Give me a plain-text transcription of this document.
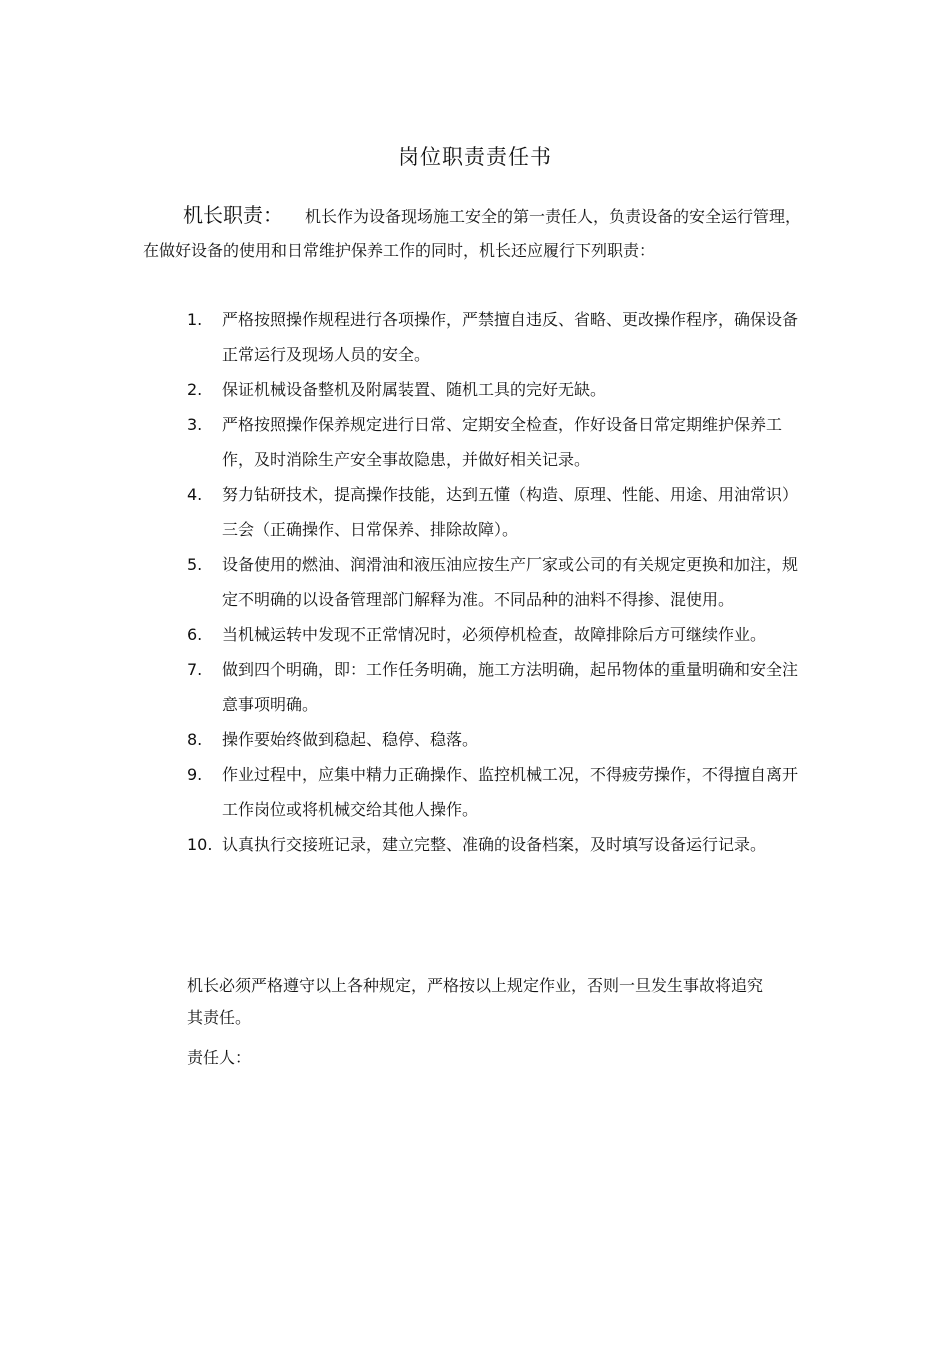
岗位职责责任书

机长职责： 机长作为设备现场施工安全的第一责任人，负责设备的安全运行管理，在做好设备的使用和日常维护保养工作的同时，机长还应履行下列职责：

1.	严格按照操作规程进行各项操作，严禁擅自违反、省略、更改操作程序，确保设备正常运行及现场人员的安全。
2.	保证机械设备整机及附属装置、随机工具的完好无缺。
3.	严格按照操作保养规定进行日常、定期安全检查，作好设备日常定期维护保养工作，及时消除生产安全事故隐患，并做好相关记录。
4.	努力钻研技术，提高操作技能，达到五懂（构造、原理、性能、用途、用油常识）三会（正确操作、日常保养、排除故障）。
5.	设备使用的燃油、润滑油和液压油应按生产厂家或公司的有关规定更换和加注，规定不明确的以设备管理部门解释为准。不同品种的油料不得掺、混使用。
6.	当机械运转中发现不正常情况时，必须停机检查，故障排除后方可继续作业。
7.	做到四个明确，即：工作任务明确，施工方法明确，起吊物体的重量明确和安全注意事项明确。
8.	操作要始终做到稳起、稳停、稳落。
9.	作业过程中，应集中精力正确操作、监控机械工况，不得疲劳操作，不得擅自离开工作岗位或将机械交给其他人操作。
10. 认真执行交接班记录，建立完整、准确的设备档案，及时填写设备运行记录。

机长必须严格遵守以上各种规定，严格按以上规定作业，否则一旦发生事故将追究其责任。

责任人：
